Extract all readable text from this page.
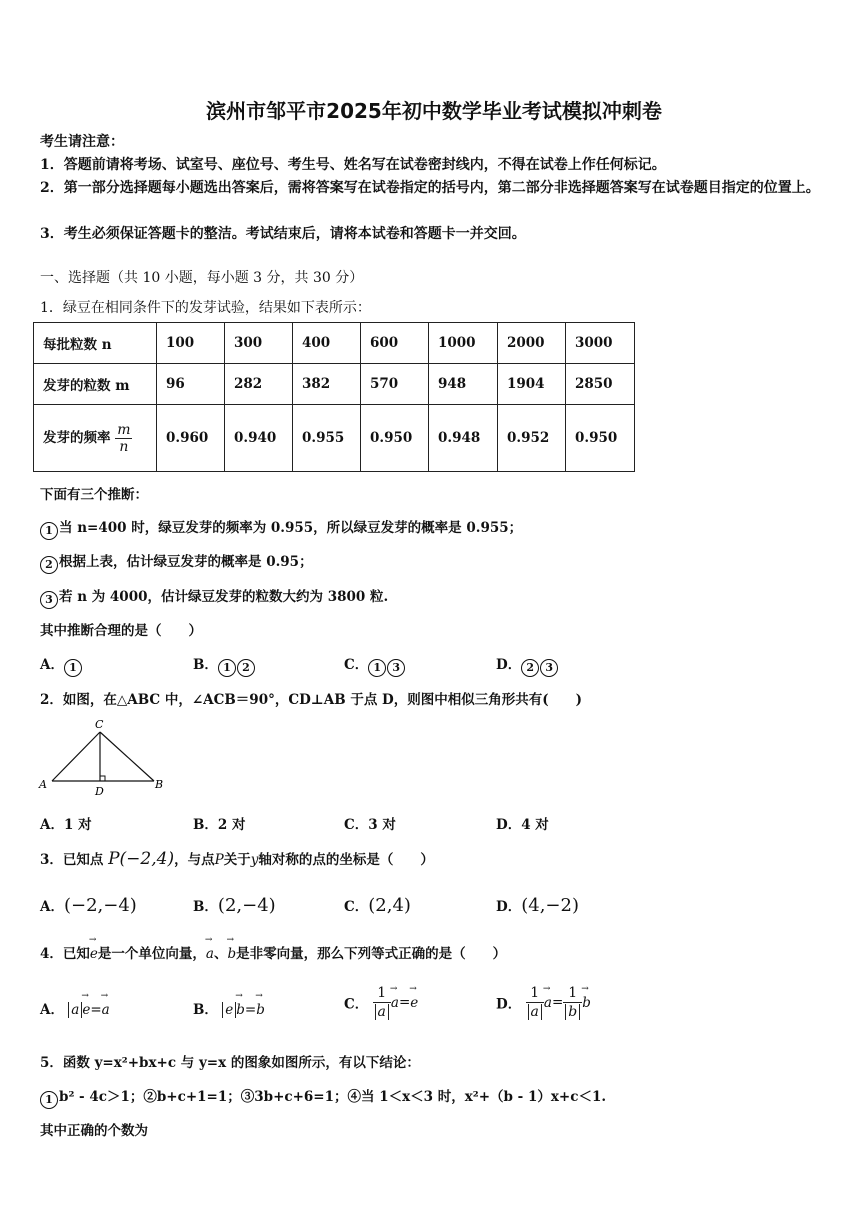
滨州市邹平市2025年初中数学毕业考试模拟冲刺卷
考生请注意：
1．答题前请将考场、试室号、座位号、考生号、姓名写在试卷密封线内，不得在试卷上作任何标记。
2．第一部分选择题每小题选出答案后，需将答案写在试卷指定的括号内，第二部分非选择题答案写在试卷题目指定的位置上。
3．考生必须保证答题卡的整洁。考试结束后，请将本试卷和答题卡一并交回。
一、选择题（共 10 小题，每小题 3 分，共 30 分）
1．绿豆在相同条件下的发芽试验，结果如下表所示：
每批粒数 n	100	300	400	600	1000	2000	3000
发芽的粒数 m	96	282	382	570	948	1904	2850
发芽的频率 $\frac{m}{n}$	0.960	0.940	0.955	0.950	0.948	0.952	0.950
下面有三个推断：
1 当 n=400 时，绿豆发芽的频率为 0.955，所以绿豆发芽的概率是 0.955；
2 根据上表，估计绿豆发芽的概率是 0.95；
3 若 n 为 4000，估计绿豆发芽的粒数大约为 3800 粒.
其中推断合理的是（　　）
A． 1	B． 1 2	C． 1 3	D． 2 3
2．如图，在△ABC 中，∠ACB＝90°，CD⊥AB 于点 D，则图中相似三角形共有(　　)
A	B
C
D
A．1 对	B．2 对	C．3 对	D．4 对
3．已知点 P(−2,4)，与点P关于y轴对称的点的坐标是（　　）
A．(−2,−4)	B．(2,−4)	C．(2,4)	D．(4,−2)
4．已知→ e是一个单位向量，→ a、→ b是非零向量，那么下列等式正确的是（　　）
A． a → e=→ a	B． e → b=→ b	C． $\frac{1}{a} \to a=\to e$	D． $\frac{1}{a} \to a= \frac{1}{b} \to b$
5．函数 y=x²+bx+c 与 y=x 的图象如图所示，有以下结论：
1 b² - 4c＞1；②b+c+1=1；③3b+c+6=1；④当 1＜x＜3 时，x²+（b - 1）x+c＜1.
其中正确的个数为
